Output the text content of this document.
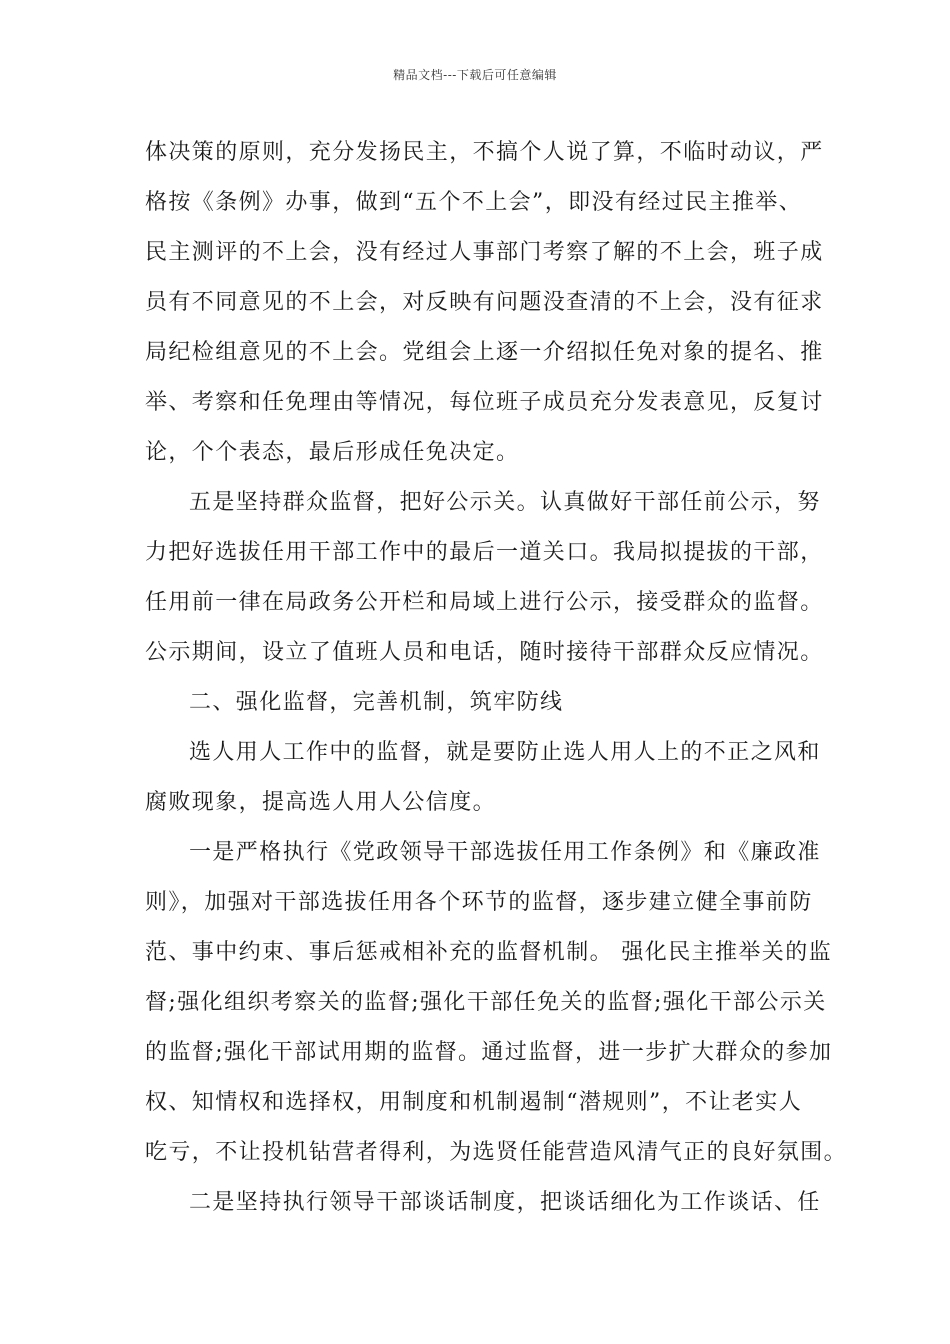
精品文档---下载后可任意编辑
体决策的原则，充分发扬民主，不搞个人说了算，不临时动议，严
格按《条例》办事，做到“五个不上会”，即没有经过民主推举、
民主测评的不上会，没有经过人事部门考察了解的不上会，班子成
员有不同意见的不上会，对反映有问题没查清的不上会，没有征求
局纪检组意见的不上会。党组会上逐一介绍拟任免对象的提名、推
举、考察和任免理由等情况，每位班子成员充分发表意见，反复讨
论，个个表态，最后形成任免决定。
五是坚持群众监督，把好公示关。认真做好干部任前公示，努
力把好选拔任用干部工作中的最后一道关口。我局拟提拔的干部，
任用前一律在局政务公开栏和局域上进行公示，接受群众的监督。
公示期间，设立了值班人员和电话，随时接待干部群众反应情况。
二、强化监督，完善机制，筑牢防线
选人用人工作中的监督，就是要防止选人用人上的不正之风和
腐败现象，提高选人用人公信度。
一是严格执行《党政领导干部选拔任用工作条例》和《廉政准
则》，加强对干部选拔任用各个环节的监督，逐步建立健全事前防
范、事中约束、事后惩戒相补充的监督机制。 强化民主推举关的监
督;强化组织考察关的监督;强化干部任免关的监督;强化干部公示关
的监督;强化干部试用期的监督。通过监督，进一步扩大群众的参加
权、知情权和选择权，用制度和机制遏制“潜规则”，不让老实人
吃亏，不让投机钻营者得利，为选贤任能营造风清气正的良好氛围。
二是坚持执行领导干部谈话制度，把谈话细化为工作谈话、任
